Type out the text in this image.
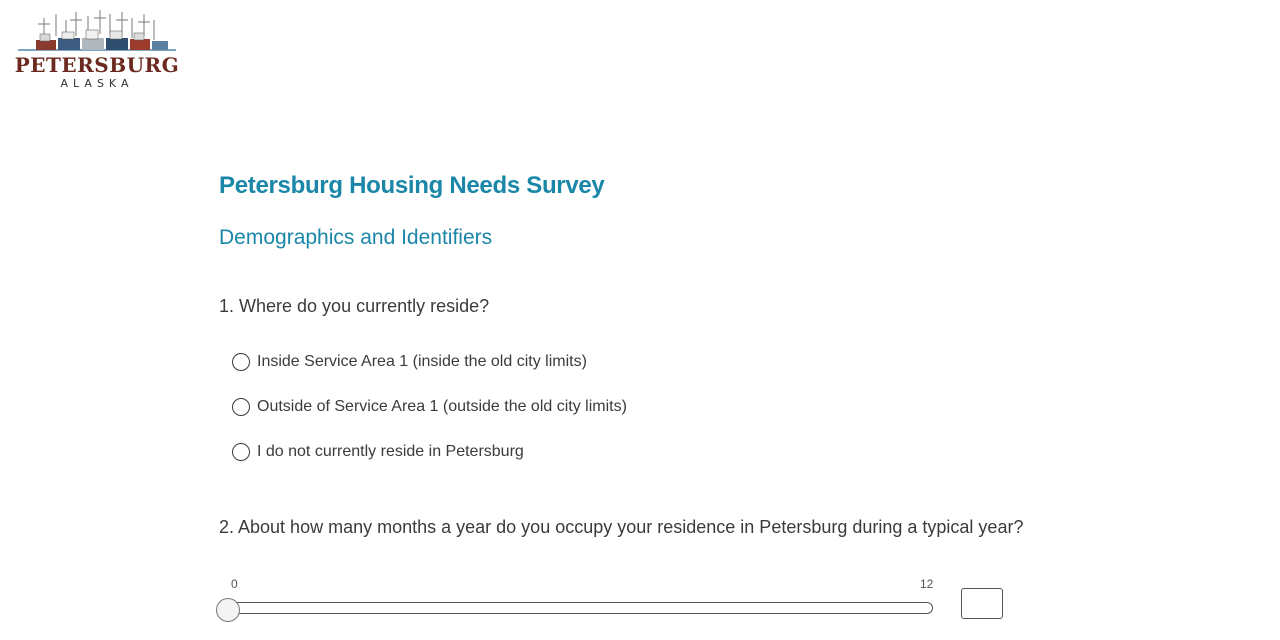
PETERSBURG
ALASKA
Petersburg Housing Needs Survey
Demographics and Identifiers
1. Where do you currently reside?
Inside Service Area 1 (inside the old city limits)
Outside of Service Area 1 (outside the old city limits)
I do not currently reside in Petersburg
2. About how many months a year do you occupy your residence in Petersburg during a typical year?
0	12
